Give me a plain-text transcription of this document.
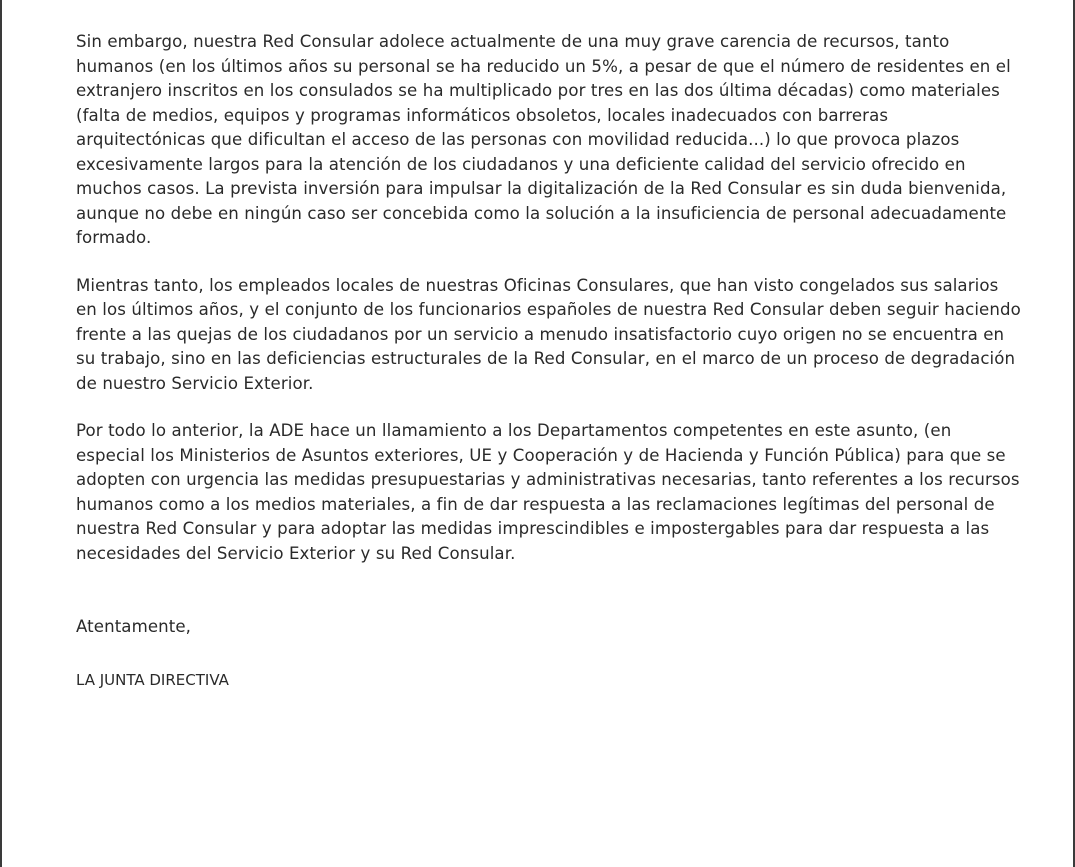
Sin embargo, nuestra Red Consular adolece actualmente de una muy grave carencia de recursos, tanto humanos (en los últimos años su personal se ha reducido un 5%, a pesar de que el número de residentes en el extranjero inscritos en los consulados se ha multiplicado por tres en las dos última décadas) como materiales (falta de medios, equipos y programas informáticos obsoletos, locales inadecuados con barreras arquitectónicas que dificultan el acceso de las personas con movilidad reducida...) lo que provoca plazos excesivamente largos para la atención de los ciudadanos y una deficiente calidad del servicio ofrecido en muchos casos. La prevista inversión para impulsar la digitalización de la Red Consular es sin duda bienvenida, aunque no debe en ningún caso ser concebida como la solución a la insuficiencia de personal adecuadamente formado.

Mientras tanto, los empleados locales de nuestras Oficinas Consulares, que han visto congelados sus salarios en los últimos años, y el conjunto de los funcionarios españoles de nuestra Red Consular deben seguir haciendo frente a las quejas de los ciudadanos por un servicio a menudo insatisfactorio cuyo origen no se encuentra en su trabajo, sino en las deficiencias estructurales de la Red Consular, en el marco de un proceso de degradación de nuestro Servicio Exterior.

Por todo lo anterior, la ADE hace un llamamiento a los Departamentos competentes en este asunto, (en especial los Ministerios de Asuntos exteriores, UE y Cooperación y de Hacienda y Función Pública) para que se adopten con urgencia las medidas presupuestarias y administrativas necesarias, tanto referentes a los recursos humanos como a los medios materiales, a fin de dar respuesta a las reclamaciones legítimas del personal de nuestra Red Consular y para adoptar las medidas imprescindibles e impostergables para dar respuesta a las necesidades del Servicio Exterior y su Red Consular.

Atentamente,

LA JUNTA DIRECTIVA
